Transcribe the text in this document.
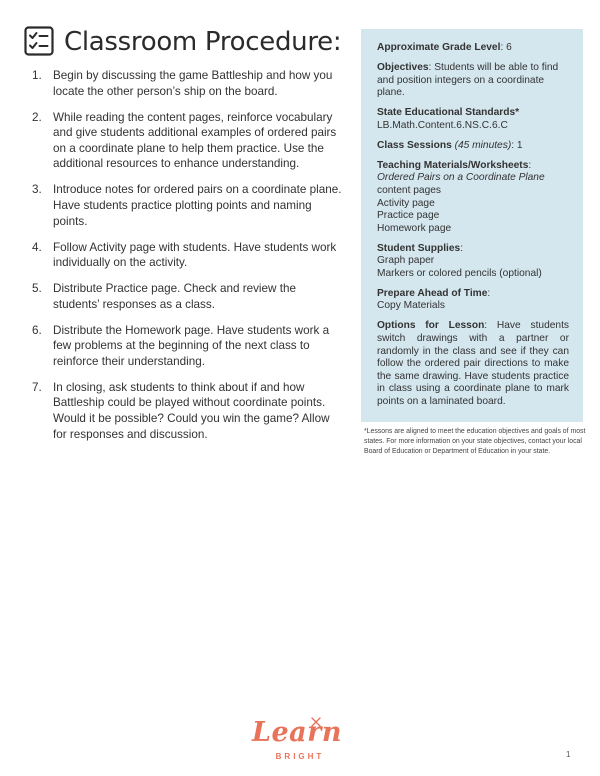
Classroom Procedure:
1. Begin by discussing the game Battleship and how you locate the other person’s ship on the board.
2. While reading the content pages, reinforce vocabulary and give students additional examples of ordered pairs on a coordinate plane to help them practice. Use the additional resources to enhance understanding.
3. Introduce notes for ordered pairs on a coordinate plane. Have students practice plotting points and naming points.
4. Follow Activity page with students. Have students work individually on the activity.
5. Distribute Practice page. Check and review the students’ responses as a class.
6. Distribute the Homework page. Have students work a few problems at the beginning of the next class to reinforce their understanding.
7. In closing, ask students to think about if and how Battleship could be played without coordinate points. Would it be possible? Could you win the game? Allow for responses and discussion.
Approximate Grade Level: 6
Objectives: Students will be able to find and position integers on a coordinate plane.
State Educational Standards*
LB.Math.Content.6.NS.C.6.C
Class Sessions (45 minutes): 1
Teaching Materials/Worksheets:
Ordered Pairs on a Coordinate Plane
content pages
Activity page
Practice page
Homework page
Student Supplies:
Graph paper
Markers or colored pencils (optional)
Prepare Ahead of Time:
Copy Materials
Options for Lesson: Have students switch drawings with a partner or randomly in the class and see if they can follow the ordered pair directions to make the same drawing. Have students practice in class using a coordinate plane to mark points on a laminated board.
*Lessons are aligned to meet the education objectives and goals of most states. For more information on your state objectives, contact your local Board of Education or Department of Education in your state.
Learn
BRIGHT	1
